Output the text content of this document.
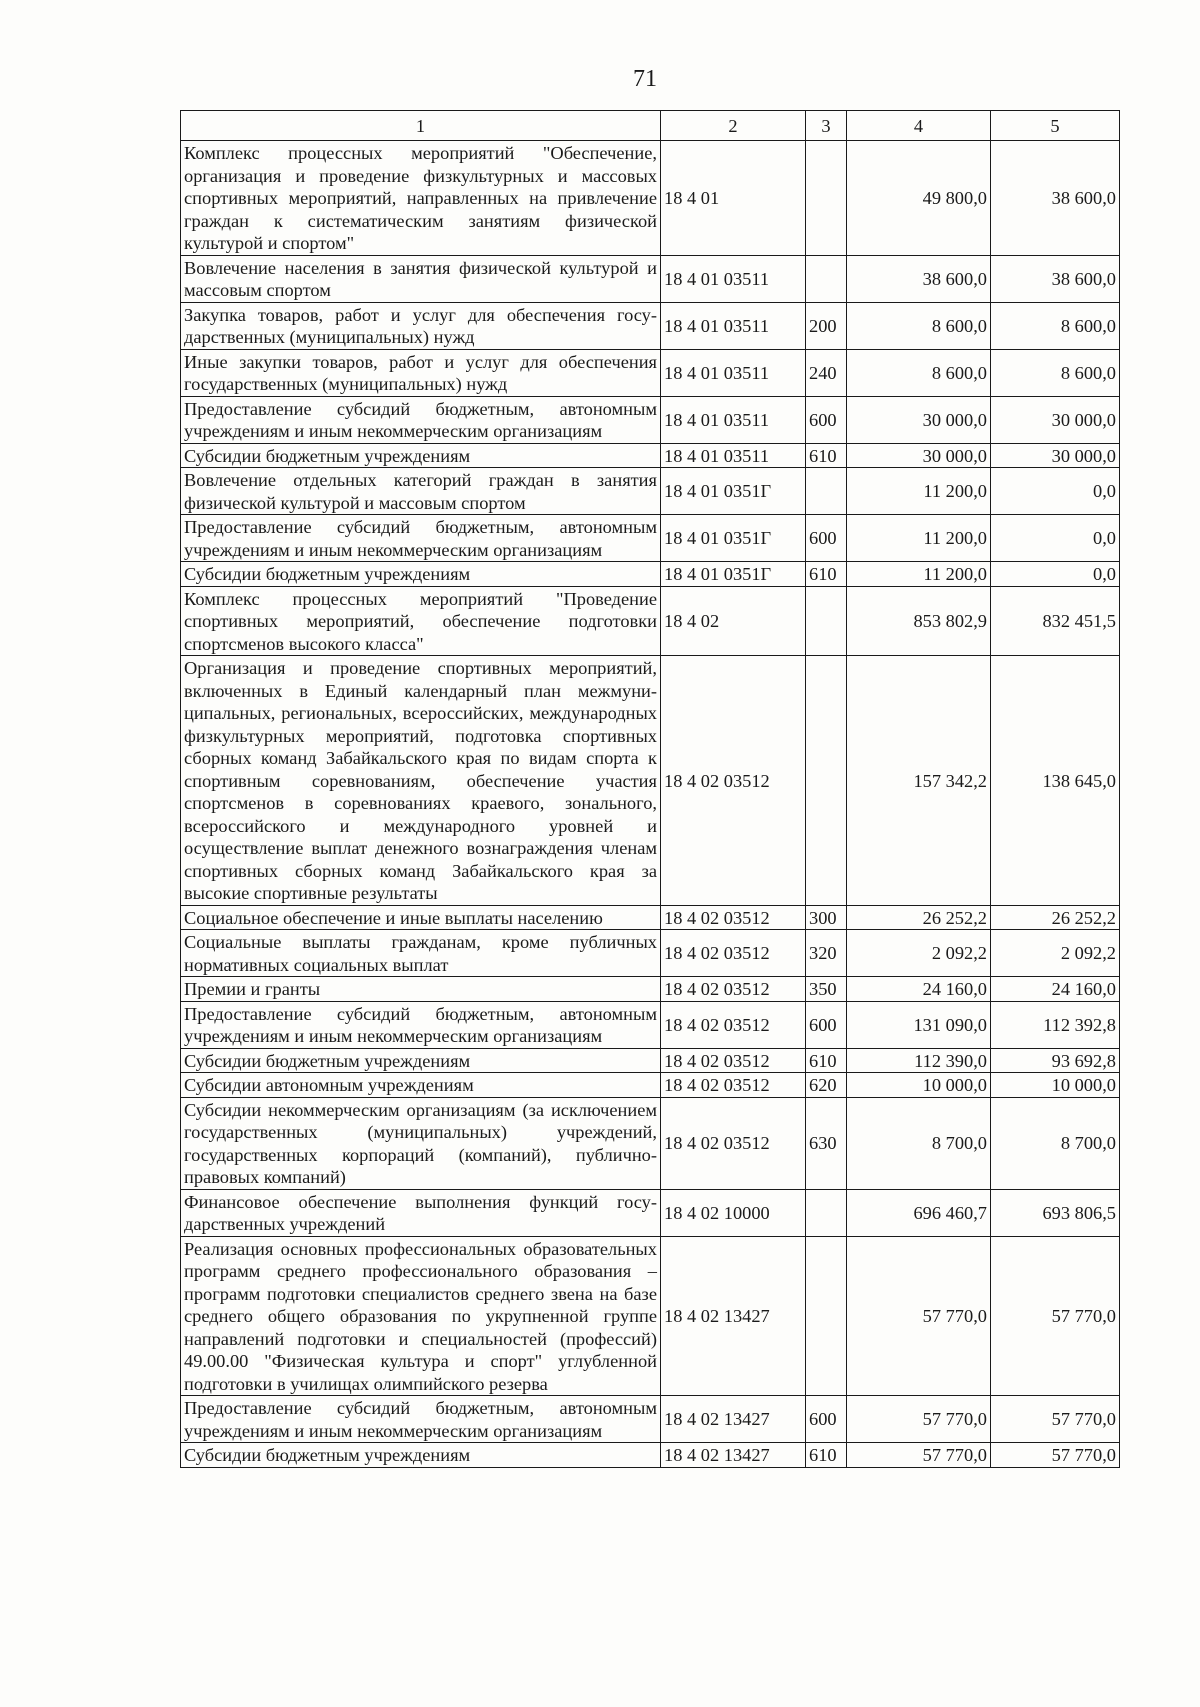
71
1	2	3	4	5
Комплекс процессных мероприятий "Обеспечение, организация и проведение физкультурных и массовых спортивных мероприятий, направленных на привлечение граждан к систематическим занятиям физической культурой и спортом"	18 4 01		49 800,0	38 600,0
Вовлечение населения в занятия физической культурой и массовым спортом	18 4 01 03511		38 600,0	38 600,0
Закупка товаров, работ и услуг для обеспечения государственных (муниципальных) нужд	18 4 01 03511	200	8 600,0	8 600,0
Иные закупки товаров, работ и услуг для обеспечения государственных (муниципальных) нужд	18 4 01 03511	240	8 600,0	8 600,0
Предоставление субсидий бюджетным, автономным учреждениям и иным некоммерческим организациям	18 4 01 03511	600	30 000,0	30 000,0
Субсидии бюджетным учреждениям	18 4 01 03511	610	30 000,0	30 000,0
Вовлечение отдельных категорий граждан в занятия физической культурой и массовым спортом	18 4 01 0351Г		11 200,0	0,0
Предоставление субсидий бюджетным, автономным учреждениям и иным некоммерческим организациям	18 4 01 0351Г	600	11 200,0	0,0
Субсидии бюджетным учреждениям	18 4 01 0351Г	610	11 200,0	0,0
Комплекс процессных мероприятий "Проведение спортивных мероприятий, обеспечение подготовки спортсменов высокого класса"	18 4 02		853 802,9	832 451,5
Организация и проведение спортивных мероприятий, включенных в Единый календарный план межмуниципальных, региональных, всероссийских, международных физкультурных мероприятий, подготовка спортивных сборных команд Забайкальского края по видам спорта к спортивным соревнованиям, обеспечение участия спортсменов в соревнованиях краевого, зонального, всероссийского и международного уровней и осуществление выплат денежного вознаграждения членам спортивных сборных команд Забайкальского края за высокие спортивные результаты	18 4 02 03512		157 342,2	138 645,0
Социальное обеспечение и иные выплаты населению	18 4 02 03512	300	26 252,2	26 252,2
Социальные выплаты гражданам, кроме публичных нормативных социальных выплат	18 4 02 03512	320	2 092,2	2 092,2
Премии и гранты	18 4 02 03512	350	24 160,0	24 160,0
Предоставление субсидий бюджетным, автономным учреждениям и иным некоммерческим организациям	18 4 02 03512	600	131 090,0	112 392,8
Субсидии бюджетным учреждениям	18 4 02 03512	610	112 390,0	93 692,8
Субсидии автономным учреждениям	18 4 02 03512	620	10 000,0	10 000,0
Субсидии некоммерческим организациям (за исключением государственных (муниципальных) учреждений, государственных корпораций (компаний), публично-правовых компаний)	18 4 02 03512	630	8 700,0	8 700,0
Финансовое обеспечение выполнения функций государственных учреждений	18 4 02 10000		696 460,7	693 806,5
Реализация основных профессиональных образовательных программ среднего профессионального образования – программ подготовки специалистов среднего звена на базе среднего общего образования по укрупненной группе направлений подготовки и специальностей (профессий) 49.00.00 "Физическая культура и спорт" углубленной подготовки в училищах олимпийского резерва	18 4 02 13427		57 770,0	57 770,0
Предоставление субсидий бюджетным, автономным учреждениям и иным некоммерческим организациям	18 4 02 13427	600	57 770,0	57 770,0
Субсидии бюджетным учреждениям	18 4 02 13427	610	57 770,0	57 770,0
